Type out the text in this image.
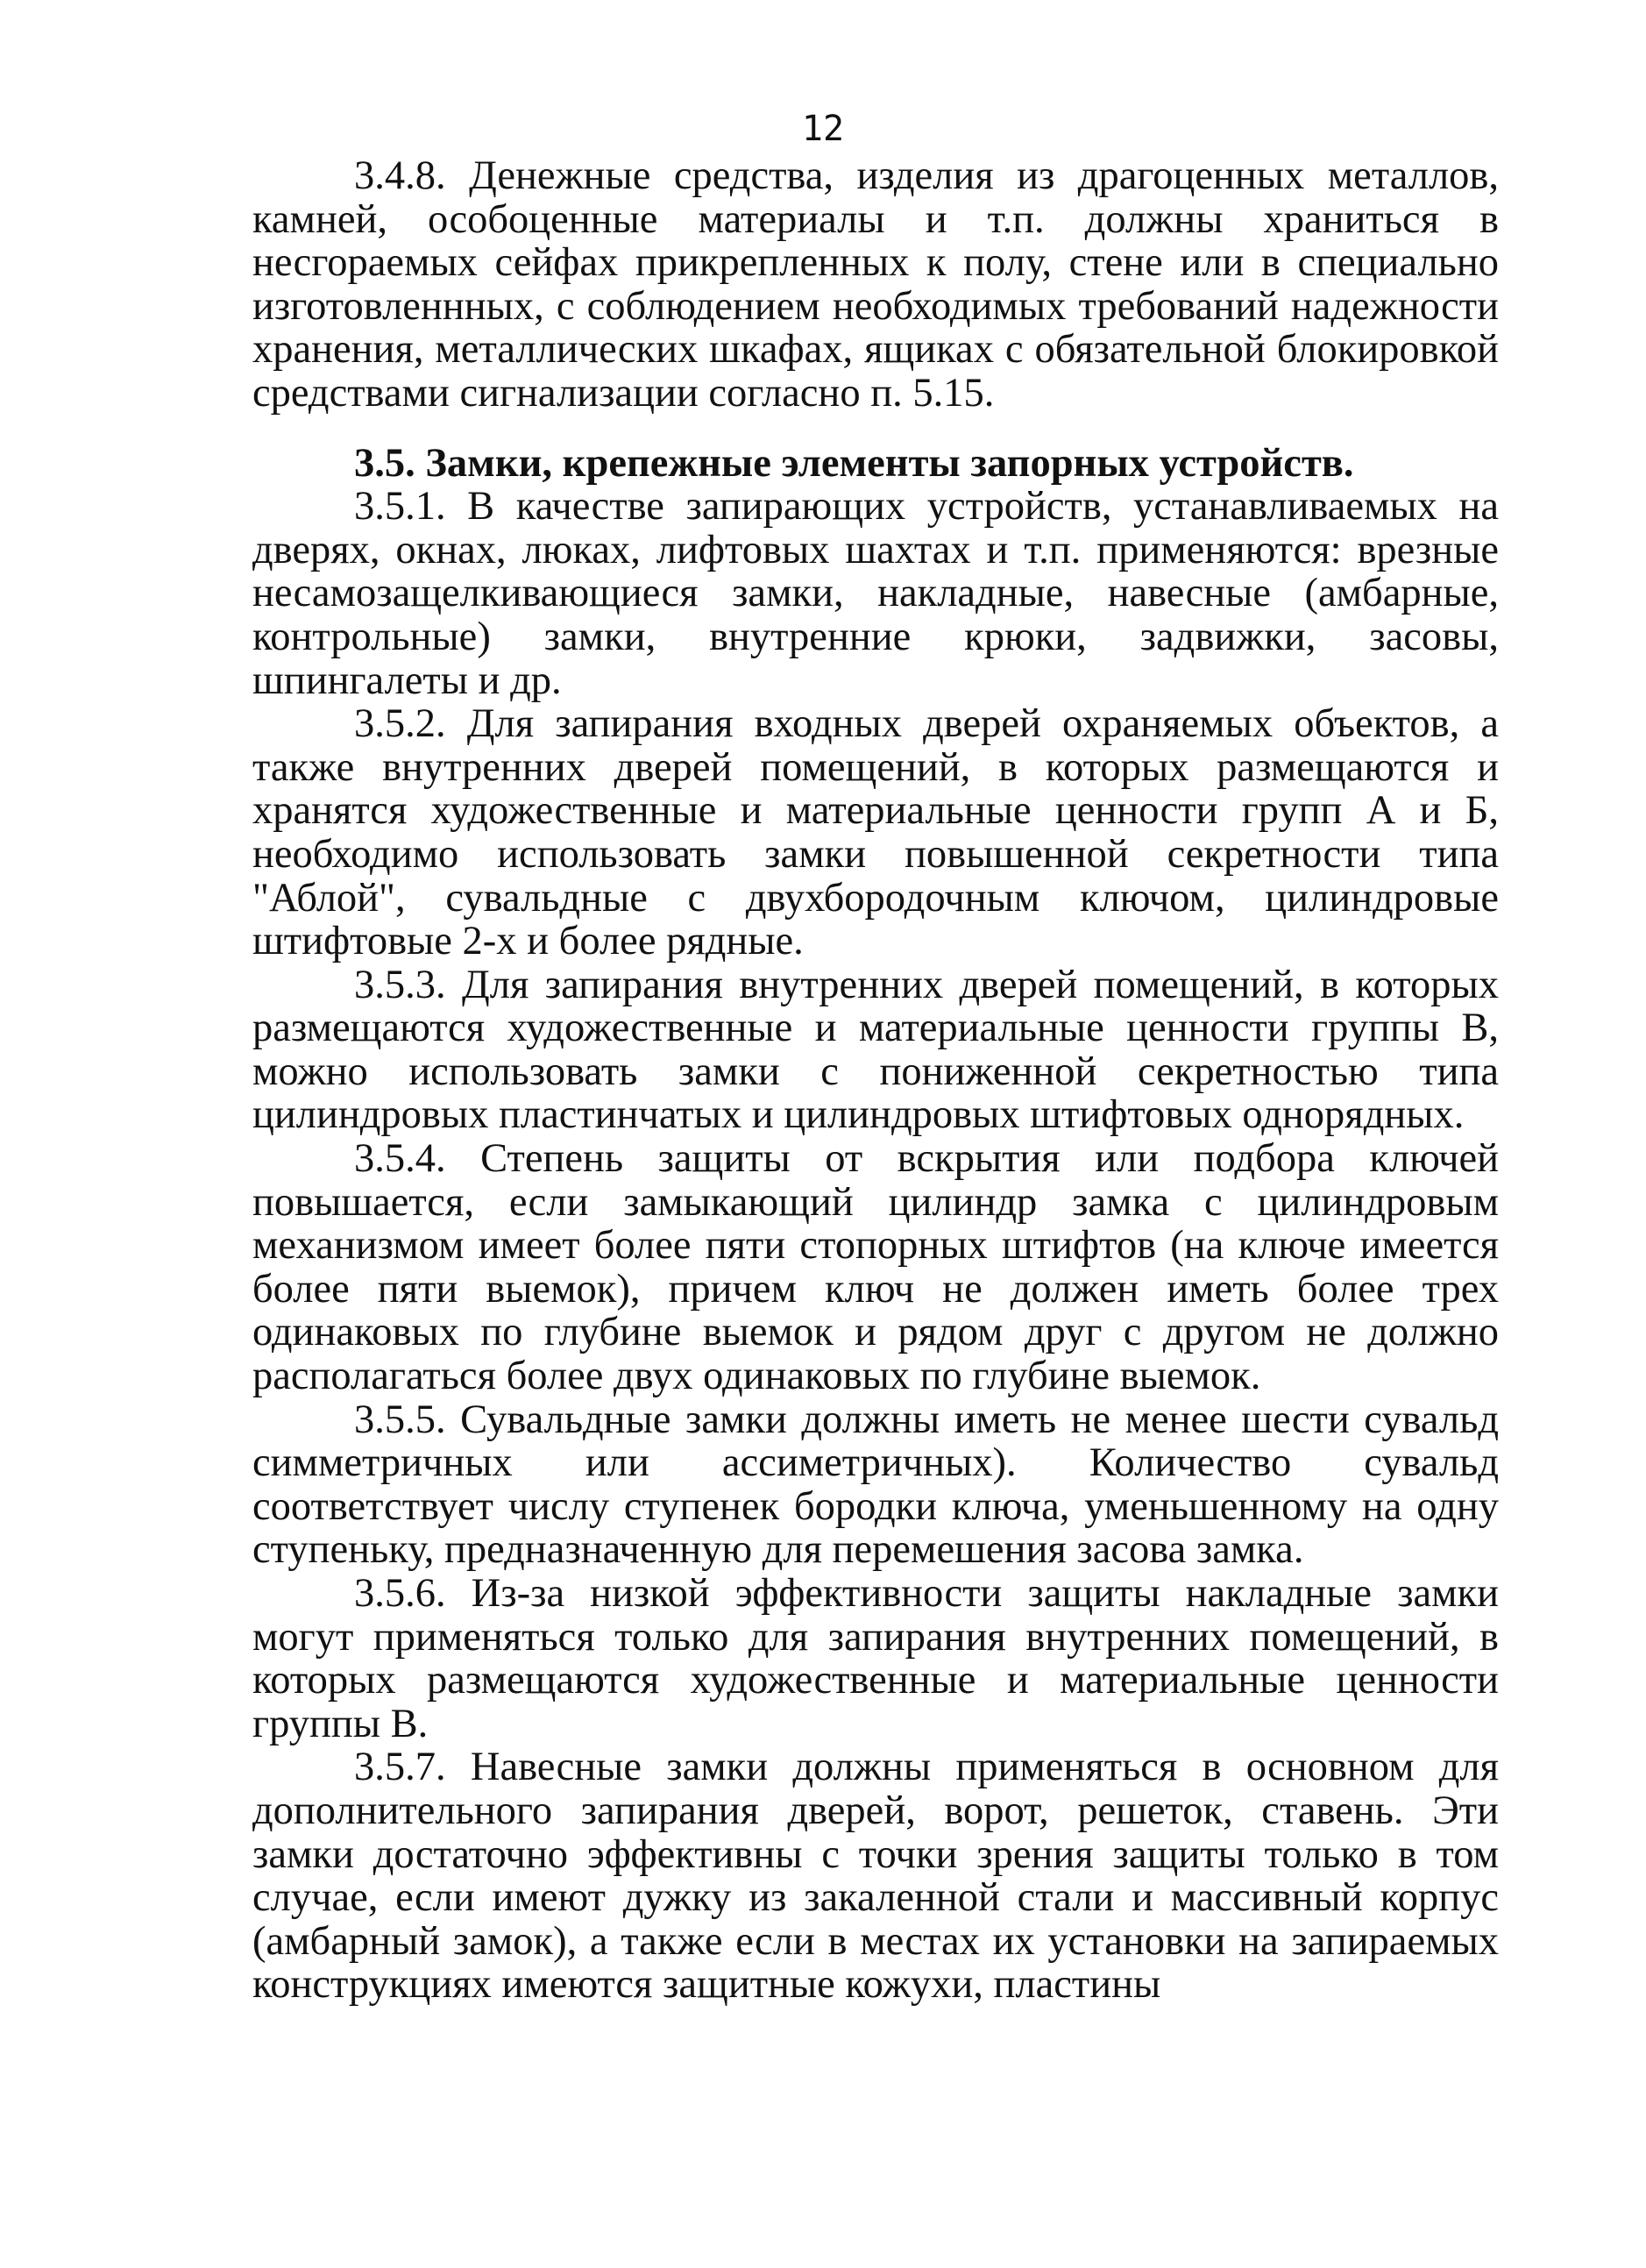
12

3.4.8. Денежные средства, изделия из драгоценных металлов, камней, особоценные материалы и т.п. должны храниться в несгораемых сейфах прикрепленных к полу, стене или в специально изготовленнных, с соблюдением необходимых требований надежности хранения, металлических шкафах, ящиках с обязательной блокировкой средствами сигнализации согласно п. 5.15.

3.5. Замки, крепежные элементы запорных устройств.

3.5.1. В качестве запирающих устройств, устанавливаемых на дверях, окнах, люках, лифтовых шахтах и т.п. применяются: врезные несамозащелкивающиеся замки, накладные, навесные (амбарные, контрольные) замки, внутренние крюки, задвижки, засовы, шпингалеты и др.

3.5.2. Для запирания входных дверей охраняемых объектов, а также внутренних дверей помещений, в которых размещаются и хранятся художественные и материальные ценности групп А и Б, необходимо использовать замки повышенной секретности типа "Аблой", сувальдные с двухбородочным ключом, цилиндровые штифтовые 2-х и более рядные.

3.5.3. Для запирания внутренних дверей помещений, в которых размещаются художественные и материальные ценности группы В, можно использовать замки с пониженной секретностью типа цилиндровых пластинчатых и цилиндровых штифтовых однорядных.

3.5.4. Степень защиты от вскрытия или подбора ключей повышается, если замыкающий цилиндр замка с цилиндровым механизмом имеет более пяти стопорных штифтов (на ключе имеется более пяти выемок), причем ключ не должен иметь более трех одинаковых по глубине выемок и рядом друг с другом не должно располагаться более двух одинаковых по глубине выемок.

3.5.5. Сувальдные замки должны иметь не менее шести сувальд симметричных или ассиметричных). Количество сувальд соответствует числу ступенек бородки ключа, уменьшенному на одну ступеньку, предназначенную для перемешения засова замка.

3.5.6. Из-за низкой эффективности защиты накладные замки могут применяться только для запирания внутренних помещений, в которых размещаются художественные и материальные ценности группы В.

3.5.7. Навесные замки должны применяться в основном для дополнительного запирания дверей, ворот, решеток, ставень. Эти замки достаточно эффективны с точки зрения защиты только в том случае, если имеют дужку из закаленной стали и массивный корпус (амбарный замок), а также если в местах их установки на запираемых конструкциях имеются защитные кожухи, пластины
